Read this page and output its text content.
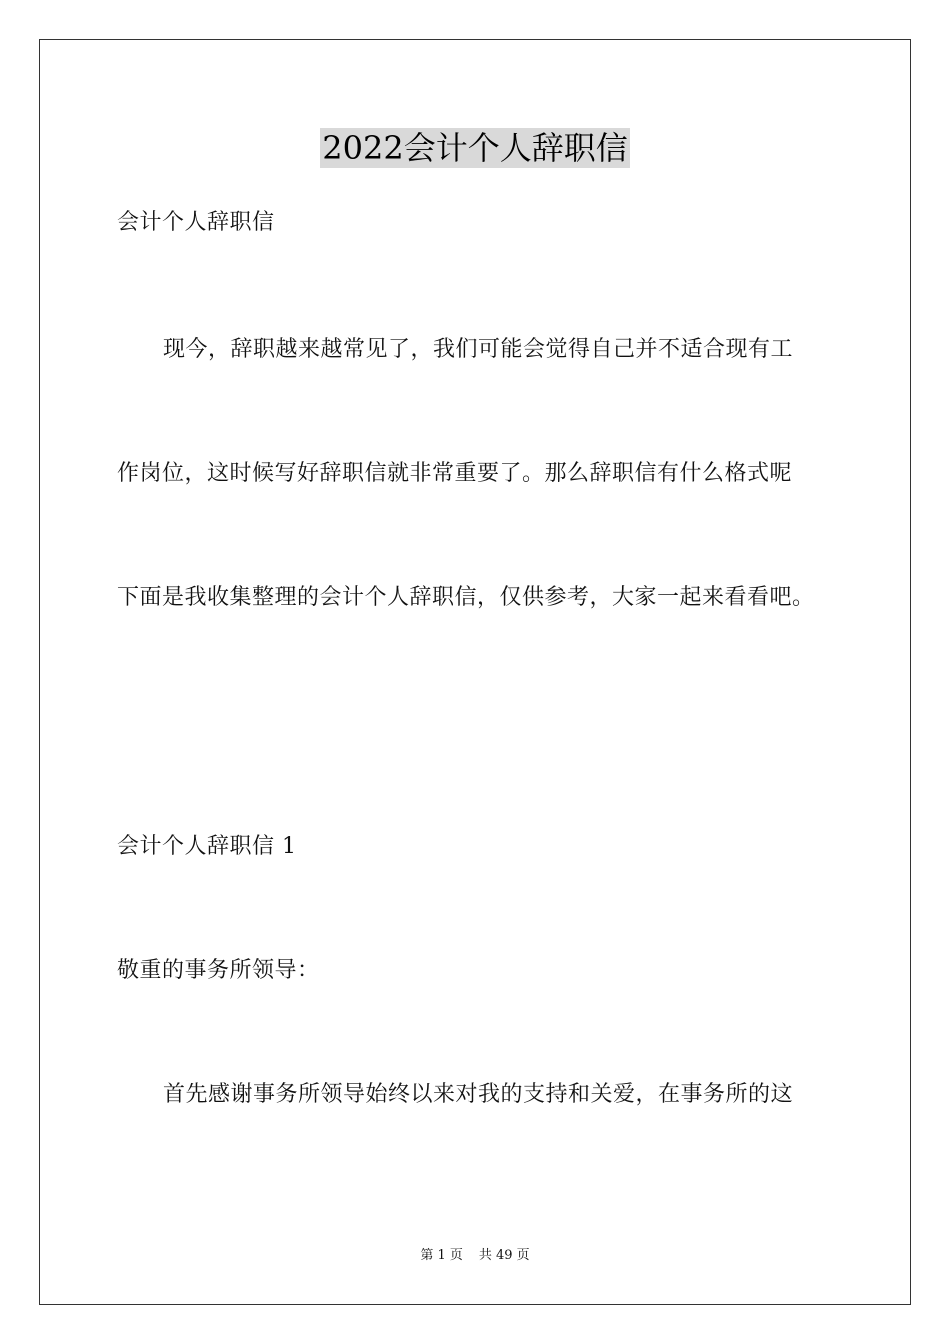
2022会计个人辞职信
会计个人辞职信
现今，辞职越来越常见了，我们可能会觉得自己并不适合现有工
作岗位，这时候写好辞职信就非常重要了。那么辞职信有什么格式呢
下面是我收集整理的会计个人辞职信，仅供参考，大家一起来看看吧。
会计个人辞职信 1
敬重的事务所领导：
首先感谢事务所领导始终以来对我的支持和关爱，在事务所的这
第 1 页 共 49 页
